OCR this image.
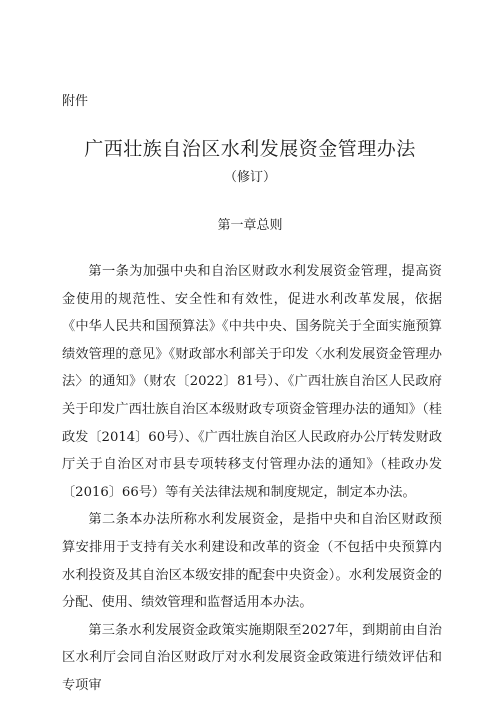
附件
广西壮族自治区水利发展资金管理办法
（修订）
第一章总则

第一条为加强中央和自治区财政水利发展资金管理，提高资金使用的规范性、安全性和有效性，促进水利改革发展，依据《中华人民共和国预算法》《中共中央、国务院关于全面实施预算绩效管理的意见》《财政部水利部关于印发〈水利发展资金管理办法〉的通知》（财农〔2022〕81号）、《广西壮族自治区人民政府关于印发广西壮族自治区本级财政专项资金管理办法的通知》（桂政发〔2014〕60号）、《广西壮族自治区人民政府办公厅转发财政厅关于自治区对市县专项转移支付管理办法的通知》（桂政办发〔2016〕66号）等有关法律法规和制度规定，制定本办法。

第二条本办法所称水利发展资金，是指中央和自治区财政预算安排用于支持有关水利建设和改革的资金（不包括中央预算内水利投资及其自治区本级安排的配套中央资金）。水利发展资金的分配、使用、绩效管理和监督适用本办法。

第三条水利发展资金政策实施期限至2027年，到期前由自治区水利厅会同自治区财政厅对水利发展资金政策进行绩效评估和专项审
